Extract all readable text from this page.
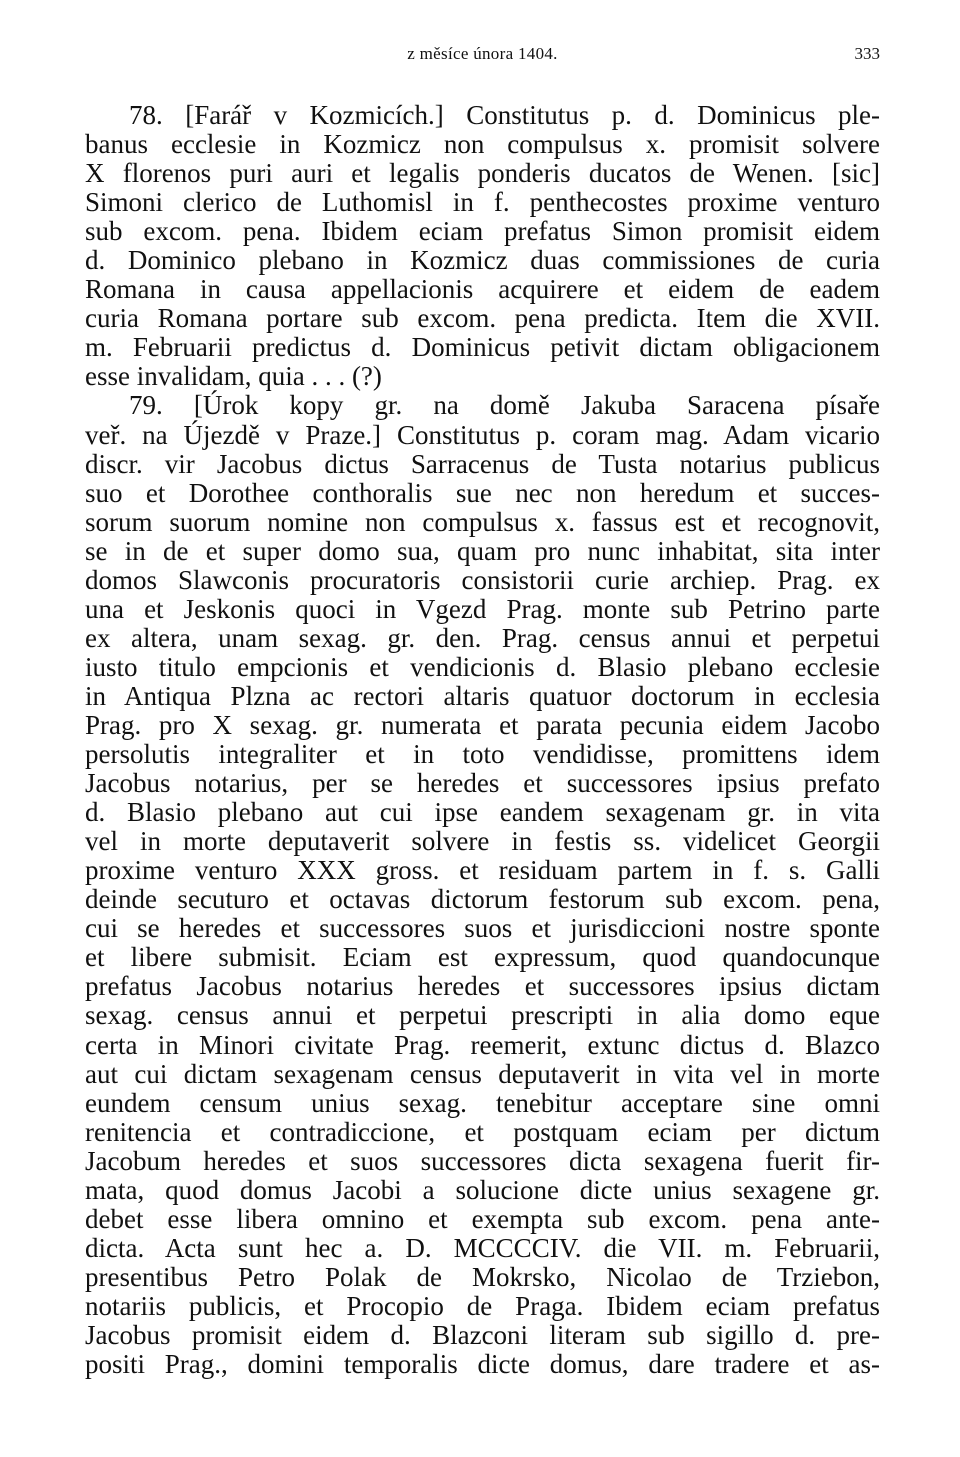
z měsíce února 1404.	333
78. [Farář v Kozmicích.] Constitutus p. d. Dominicus ple-
banus ecclesie in Kozmicz non compulsus x. promisit solvere
X florenos puri auri et legalis ponderis ducatos de Wenen. [sic]
Simoni clerico de Luthomisl in f. penthecostes proxime venturo
sub excom. pena. Ibidem eciam prefatus Simon promisit eidem
d. Dominico plebano in Kozmicz duas commissiones de curia
Romana in causa appellacionis acquirere et eidem de eadem
curia Romana portare sub excom. pena predicta. Item die XVII.
m. Februarii predictus d. Dominicus petivit dictam obligacionem
esse invalidam, quia . . . (?)
79. [Úrok kopy gr. na domě Jakuba Saracena písaře
veř. na Újezdě v Praze.] Constitutus p. coram mag. Adam vicario
discr. vir Jacobus dictus Sarracenus de Tusta notarius publicus
suo et Dorothee conthoralis sue nec non heredum et succes-
sorum suorum nomine non compulsus x. fassus est et recognovit,
se in de et super domo sua, quam pro nunc inhabitat, sita inter
domos Slawconis procuratoris consistorii curie archiep. Prag. ex
una et Jeskonis quoci in Vgezd Prag. monte sub Petrino parte
ex altera, unam sexag. gr. den. Prag. census annui et perpetui
iusto titulo empcionis et vendicionis d. Blasio plebano ecclesie
in Antiqua Plzna ac rectori altaris quatuor doctorum in ecclesia
Prag. pro X sexag. gr. numerata et parata pecunia eidem Jacobo
persolutis integraliter et in toto vendidisse, promittens idem
Jacobus notarius, per se heredes et successores ipsius prefato
d. Blasio plebano aut cui ipse eandem sexagenam gr. in vita
vel in morte deputaverit solvere in festis ss. videlicet Georgii
proxime venturo XXX gross. et residuam partem in f. s. Galli
deinde secuturo et octavas dictorum festorum sub excom. pena,
cui se heredes et successores suos et jurisdiccioni nostre sponte
et libere submisit. Eciam est expressum, quod quandocunque
prefatus Jacobus notarius heredes et successores ipsius dictam
sexag. census annui et perpetui prescripti in alia domo eque
certa in Minori civitate Prag. reemerit, extunc dictus d. Blazco
aut cui dictam sexagenam census deputaverit in vita vel in morte
eundem censum unius sexag. tenebitur acceptare sine omni
renitencia et contradiccione, et postquam eciam per dictum
Jacobum heredes et suos successores dicta sexagena fuerit fir-
mata, quod domus Jacobi a solucione dicte unius sexagene gr.
debet esse libera omnino et exempta sub excom. pena ante-
dicta. Acta sunt hec a. D. MCCCCIV. die VII. m. Februarii,
presentibus Petro Polak de Mokrsko, Nicolao de Trziebon,
notariis publicis, et Procopio de Praga. Ibidem eciam prefatus
Jacobus promisit eidem d. Blazconi literam sub sigillo d. pre-
positi Prag., domini temporalis dicte domus, dare tradere et as-
